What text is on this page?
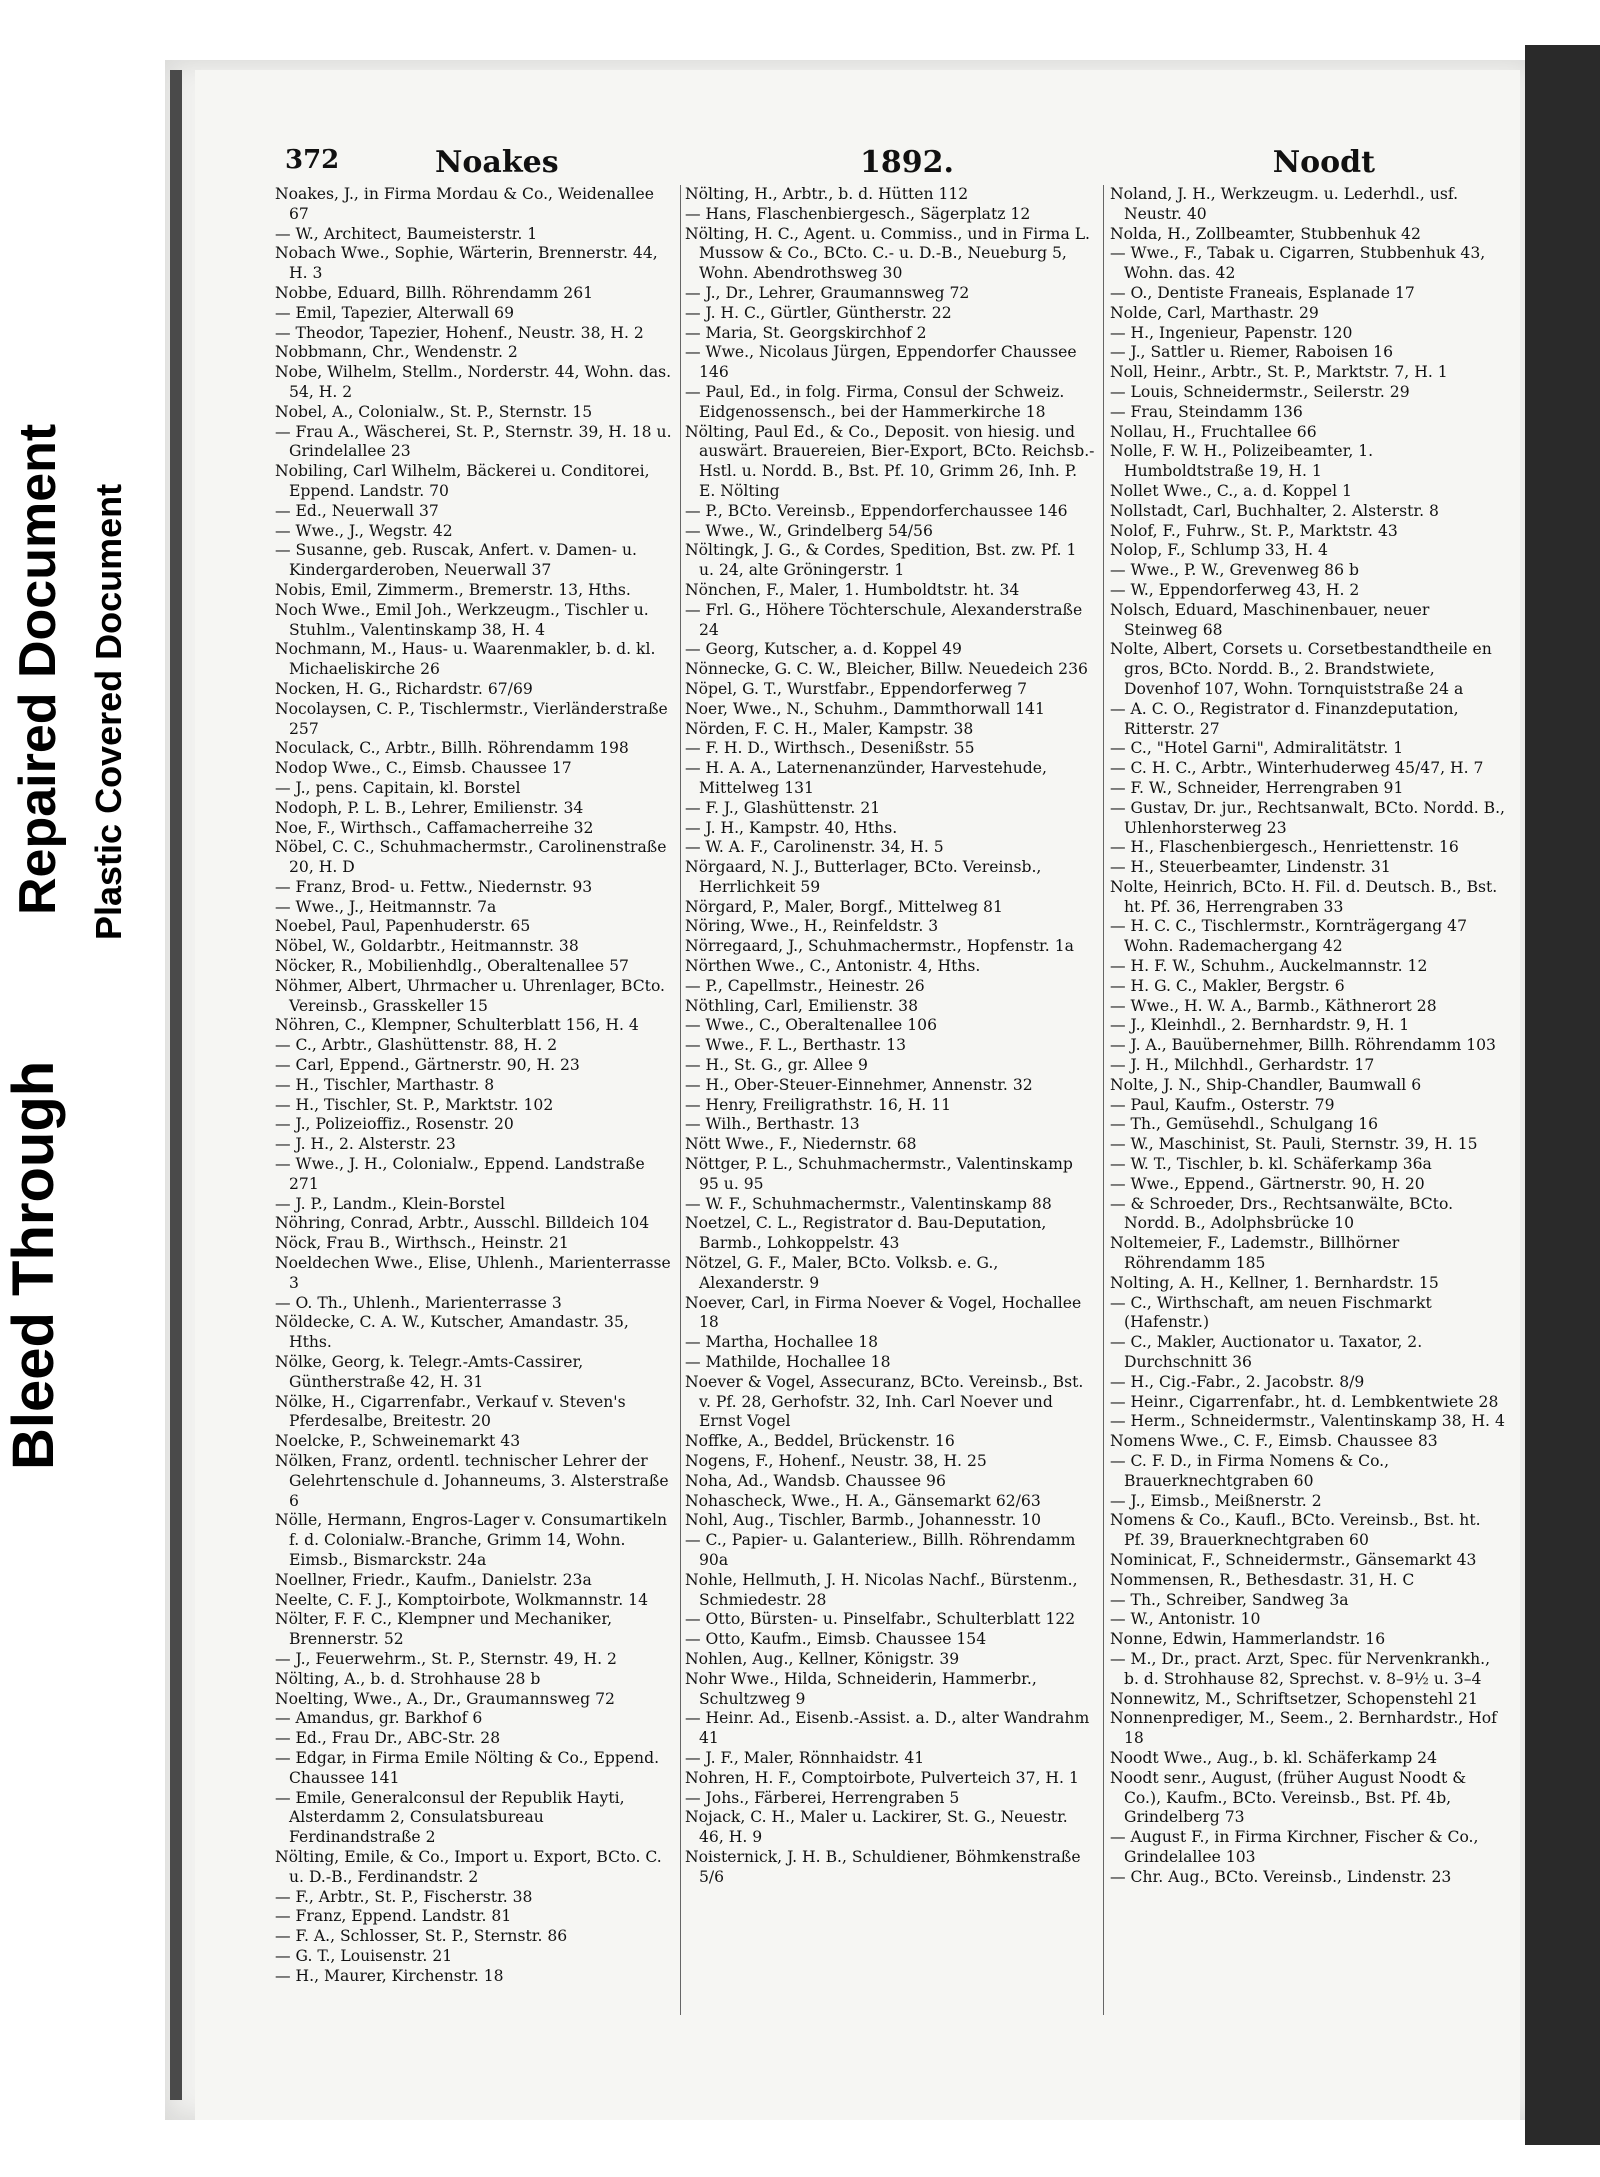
Bleed Through
Repaired Document Plastic Covered Document
372	Noakes	1892.	Noodt

Noakes, J., in Firma Mordau & Co., Weidenallee 67

— W., Architect, Baumeisterstr. 1

Nobach Wwe., Sophie, Wärterin, Brennerstr. 44, H. 3

Nobbe, Eduard, Billh. Röhrendamm 261

— Emil, Tapezier, Alterwall 69

— Theodor, Tapezier, Hohenf., Neustr. 38, H. 2

Nobbmann, Chr., Wendenstr. 2

Nobe, Wilhelm, Stellm., Norderstr. 44, Wohn. das. 54, H. 2

Nobel, A., Colonialw., St. P., Sternstr. 15

— Frau A., Wäscherei, St. P., Sternstr. 39, H. 18 u. Grindelallee 23

Nobiling, Carl Wilhelm, Bäckerei u. Conditorei, Eppend. Landstr. 70

— Ed., Neuerwall 37

— Wwe., J., Wegstr. 42

— Susanne, geb. Ruscak, Anfert. v. Damen- u. Kindergarderoben, Neuerwall 37

Nobis, Emil, Zimmerm., Bremerstr. 13, Hths.

Noch Wwe., Emil Joh., Werkzeugm., Tischler u. Stuhlm., Valentinskamp 38, H. 4

Nochmann, M., Haus- u. Waarenmakler, b. d. kl. Michaeliskirche 26

Nocken, H. G., Richardstr. 67/69

Nocolaysen, C. P., Tischlermstr., Vierländerstraße 257

Noculack, C., Arbtr., Billh. Röhrendamm 198

Nodop Wwe., C., Eimsb. Chaussee 17

— J., pens. Capitain, kl. Borstel

Nodoph, P. L. B., Lehrer, Emilienstr. 34

Noe, F., Wirthsch., Caffamacherreihe 32

Nöbel, C. C., Schuhmachermstr., Carolinenstraße 20, H. D

— Franz, Brod- u. Fettw., Niedernstr. 93

— Wwe., J., Heitmannstr. 7a

Noebel, Paul, Papenhuderstr. 65

Nöbel, W., Goldarbtr., Heitmannstr. 38

Nöcker, R., Mobilienhdlg., Oberaltenallee 57

Nöhmer, Albert, Uhrmacher u. Uhrenlager, BCto. Vereinsb., Grasskeller 15

Nöhren, C., Klempner, Schulterblatt 156, H. 4

— C., Arbtr., Glashüttenstr. 88, H. 2

— Carl, Eppend., Gärtnerstr. 90, H. 23

— H., Tischler, Marthastr. 8

— H., Tischler, St. P., Marktstr. 102

— J., Polizeioffiz., Rosenstr. 20

— J. H., 2. Alsterstr. 23

— Wwe., J. H., Colonialw., Eppend. Landstraße 271

— J. P., Landm., Klein-Borstel

Nöhring, Conrad, Arbtr., Ausschl. Billdeich 104

Nöck, Frau B., Wirthsch., Heinstr. 21

Noeldechen Wwe., Elise, Uhlenh., Marienterrasse 3

— O. Th., Uhlenh., Marienterrasse 3

Nöldecke, C. A. W., Kutscher, Amandastr. 35, Hths.

Nölke, Georg, k. Telegr.-Amts-Cassirer, Güntherstraße 42, H. 31

Nölke, H., Cigarrenfabr., Verkauf v. Steven's Pferdesalbe, Breitestr. 20

Noelcke, P., Schweinemarkt 43

Nölken, Franz, ordentl. technischer Lehrer der Gelehrtenschule d. Johanneums, 3. Alsterstraße 6

Nölle, Hermann, Engros-Lager v. Consumartikeln f. d. Colonialw.-Branche, Grimm 14, Wohn. Eimsb., Bismarckstr. 24a

Noellner, Friedr., Kaufm., Danielstr. 23a

Neelte, C. F. J., Komptoirbote, Wolkmannstr. 14

Nölter, F. F. C., Klempner und Mechaniker, Brennerstr. 52

— J., Feuerwehrm., St. P., Sternstr. 49, H. 2

Nölting, A., b. d. Strohhause 28 b

Noelting, Wwe., A., Dr., Graumannsweg 72

— Amandus, gr. Barkhof 6

— Ed., Frau Dr., ABC-Str. 28

— Edgar, in Firma Emile Nölting & Co., Eppend. Chaussee 141

— Emile, Generalconsul der Republik Hayti, Alsterdamm 2, Consulatsbureau Ferdinandstraße 2

Nölting, Emile, & Co., Import u. Export, BCto. C. u. D.-B., Ferdinandstr. 2

— F., Arbtr., St. P., Fischerstr. 38

— Franz, Eppend. Landstr. 81

— F. A., Schlosser, St. P., Sternstr. 86

— G. T., Louisenstr. 21

— H., Maurer, Kirchenstr. 18

Nölting, H., Arbtr., b. d. Hütten 112

— Hans, Flaschenbiergesch., Sägerplatz 12

Nölting, H. C., Agent. u. Commiss., und in Firma L. Mussow & Co., BCto. C.- u. D.-B., Neueburg 5, Wohn. Abendrothsweg 30

— J., Dr., Lehrer, Graumannsweg 72

— J. H. C., Gürtler, Güntherstr. 22

— Maria, St. Georgskirchhof 2

— Wwe., Nicolaus Jürgen, Eppendorfer Chaussee 146

— Paul, Ed., in folg. Firma, Consul der Schweiz. Eidgenossensch., bei der Hammerkirche 18

Nölting, Paul Ed., & Co., Deposit. von hiesig. und auswärt. Brauereien, Bier-Export, BCto. Reichsb.-Hstl. u. Nordd. B., Bst. Pf. 10, Grimm 26, Inh. P. E. Nölting

— P., BCto. Vereinsb., Eppendorferchaussee 146

— Wwe., W., Grindelberg 54/56

Nöltingk, J. G., & Cordes, Spedition, Bst. zw. Pf. 1 u. 24, alte Gröningerstr. 1

Nönchen, F., Maler, 1. Humboldtstr. ht. 34

— Frl. G., Höhere Töchterschule, Alexanderstraße 24

— Georg, Kutscher, a. d. Koppel 49

Nönnecke, G. C. W., Bleicher, Billw. Neuedeich 236

Nöpel, G. T., Wurstfabr., Eppendorferweg 7

Noer, Wwe., N., Schuhm., Dammthorwall 141

Nörden, F. C. H., Maler, Kampstr. 38

— F. H. D., Wirthsch., Desenißstr. 55

— H. A. A., Laternenanzünder, Harvestehude, Mittelweg 131

— F. J., Glashüttenstr. 21

— J. H., Kampstr. 40, Hths.

— W. A. F., Carolinenstr. 34, H. 5

Nörgaard, N. J., Butterlager, BCto. Vereinsb., Herrlichkeit 59

Nörgard, P., Maler, Borgf., Mittelweg 81

Nöring, Wwe., H., Reinfeldstr. 3

Nörregaard, J., Schuhmachermstr., Hopfenstr. 1a

Nörthen Wwe., C., Antonistr. 4, Hths.

— P., Capellmstr., Heinestr. 26

Nöthling, Carl, Emilienstr. 38

— Wwe., C., Oberaltenallee 106

— Wwe., F. L., Berthastr. 13

— H., St. G., gr. Allee 9

— H., Ober-Steuer-Einnehmer, Annenstr. 32

— Henry, Freiligrathstr. 16, H. 11

— Wilh., Berthastr. 13

Nött Wwe., F., Niedernstr. 68

Nöttger, P. L., Schuhmachermstr., Valentinskamp 95 u. 95

— W. F., Schuhmachermstr., Valentinskamp 88

Noetzel, C. L., Registrator d. Bau-Deputation, Barmb., Lohkoppelstr. 43

Nötzel, G. F., Maler, BCto. Volksb. e. G., Alexanderstr. 9

Noever, Carl, in Firma Noever & Vogel, Hochallee 18

— Martha, Hochallee 18

— Mathilde, Hochallee 18

Noever & Vogel, Assecuranz, BCto. Vereinsb., Bst. v. Pf. 28, Gerhofstr. 32, Inh. Carl Noever und Ernst Vogel

Noffke, A., Beddel, Brückenstr. 16

Nogens, F., Hohenf., Neustr. 38, H. 25

Noha, Ad., Wandsb. Chaussee 96

Nohascheck, Wwe., H. A., Gänsemarkt 62/63

Nohl, Aug., Tischler, Barmb., Johannesstr. 10

— C., Papier- u. Galanteriew., Billh. Röhrendamm 90a

Nohle, Hellmuth, J. H. Nicolas Nachf., Bürstenm., Schmiedestr. 28

— Otto, Bürsten- u. Pinselfabr., Schulterblatt 122

— Otto, Kaufm., Eimsb. Chaussee 154

Nohlen, Aug., Kellner, Königstr. 39

Nohr Wwe., Hilda, Schneiderin, Hammerbr., Schultzweg 9

— Heinr. Ad., Eisenb.-Assist. a. D., alter Wandrahm 41

— J. F., Maler, Rönnhaidstr. 41

Nohren, H. F., Comptoirbote, Pulverteich 37, H. 1

— Johs., Färberei, Herrengraben 5

Nojack, C. H., Maler u. Lackirer, St. G., Neuestr. 46, H. 9

Noisternick, J. H. B., Schuldiener, Böhmkenstraße 5/6

Noland, J. H., Werkzeugm. u. Lederhdl., usf. Neustr. 40

Nolda, H., Zollbeamter, Stubbenhuk 42

— Wwe., F., Tabak u. Cigarren, Stubbenhuk 43, Wohn. das. 42

— O., Dentiste Franeais, Esplanade 17

Nolde, Carl, Marthastr. 29

— H., Ingenieur, Papenstr. 120

— J., Sattler u. Riemer, Raboisen 16

Noll, Heinr., Arbtr., St. P., Marktstr. 7, H. 1

— Louis, Schneidermstr., Seilerstr. 29

— Frau, Steindamm 136

Nollau, H., Fruchtallee 66

Nolle, F. W. H., Polizeibeamter, 1. Humboldtstraße 19, H. 1

Nollet Wwe., C., a. d. Koppel 1

Nollstadt, Carl, Buchhalter, 2. Alsterstr. 8

Nolof, F., Fuhrw., St. P., Marktstr. 43

Nolop, F., Schlump 33, H. 4

— Wwe., P. W., Grevenweg 86 b

— W., Eppendorferweg 43, H. 2

Nolsch, Eduard, Maschinenbauer, neuer Steinweg 68

Nolte, Albert, Corsets u. Corsetbestandtheile en gros, BCto. Nordd. B., 2. Brandstwiete, Dovenhof 107, Wohn. Tornquiststraße 24 a

— A. C. O., Registrator d. Finanzdeputation, Ritterstr. 27

— C., "Hotel Garni", Admiralitätstr. 1

— C. H. C., Arbtr., Winterhuderweg 45/47, H. 7

— F. W., Schneider, Herrengraben 91

— Gustav, Dr. jur., Rechtsanwalt, BCto. Nordd. B., Uhlenhorsterweg 23

— H., Flaschenbiergesch., Henriettenstr. 16

— H., Steuerbeamter, Lindenstr. 31

Nolte, Heinrich, BCto. H. Fil. d. Deutsch. B., Bst. ht. Pf. 36, Herrengraben 33

— H. C. C., Tischlermstr., Kornträgergang 47 Wohn. Rademachergang 42

— H. F. W., Schuhm., Auckelmannstr. 12

— H. G. C., Makler, Bergstr. 6

— Wwe., H. W. A., Barmb., Käthnerort 28

— J., Kleinhdl., 2. Bernhardstr. 9, H. 1

— J. A., Bauübernehmer, Billh. Röhrendamm 103

— J. H., Milchhdl., Gerhardstr. 17

Nolte, J. N., Ship-Chandler, Baumwall 6

— Paul, Kaufm., Osterstr. 79

— Th., Gemüsehdl., Schulgang 16

— W., Maschinist, St. Pauli, Sternstr. 39, H. 15

— W. T., Tischler, b. kl. Schäferkamp 36a

— Wwe., Eppend., Gärtnerstr. 90, H. 20

— & Schroeder, Drs., Rechtsanwälte, BCto. Nordd. B., Adolphsbrücke 10

Noltemeier, F., Lademstr., Billhörner Röhrendamm 185

Nolting, A. H., Kellner, 1. Bernhardstr. 15

— C., Wirthschaft, am neuen Fischmarkt (Hafenstr.)

— C., Makler, Auctionator u. Taxator, 2. Durchschnitt 36

— H., Cig.-Fabr., 2. Jacobstr. 8/9

— Heinr., Cigarrenfabr., ht. d. Lembkentwiete 28

— Herm., Schneidermstr., Valentinskamp 38, H. 4

Nomens Wwe., C. F., Eimsb. Chaussee 83

— C. F. D., in Firma Nomens & Co., Brauerknechtgraben 60

— J., Eimsb., Meißnerstr. 2

Nomens & Co., Kaufl., BCto. Vereinsb., Bst. ht. Pf. 39, Brauerknechtgraben 60

Nominicat, F., Schneidermstr., Gänsemarkt 43

Nommensen, R., Bethesdastr. 31, H. C

— Th., Schreiber, Sandweg 3a

— W., Antonistr. 10

Nonne, Edwin, Hammerlandstr. 16

— M., Dr., pract. Arzt, Spec. für Nervenkrankh., b. d. Strohhause 82, Sprechst. v. 8–9½ u. 3–4

Nonnewitz, M., Schriftsetzer, Schopenstehl 21

Nonnenprediger, M., Seem., 2. Bernhardstr., Hof 18

Noodt Wwe., Aug., b. kl. Schäferkamp 24

Noodt senr., August, (früher August Noodt & Co.), Kaufm., BCto. Vereinsb., Bst. Pf. 4b, Grindelberg 73

— August F., in Firma Kirchner, Fischer & Co., Grindelallee 103

— Chr. Aug., BCto. Vereinsb., Lindenstr. 23
